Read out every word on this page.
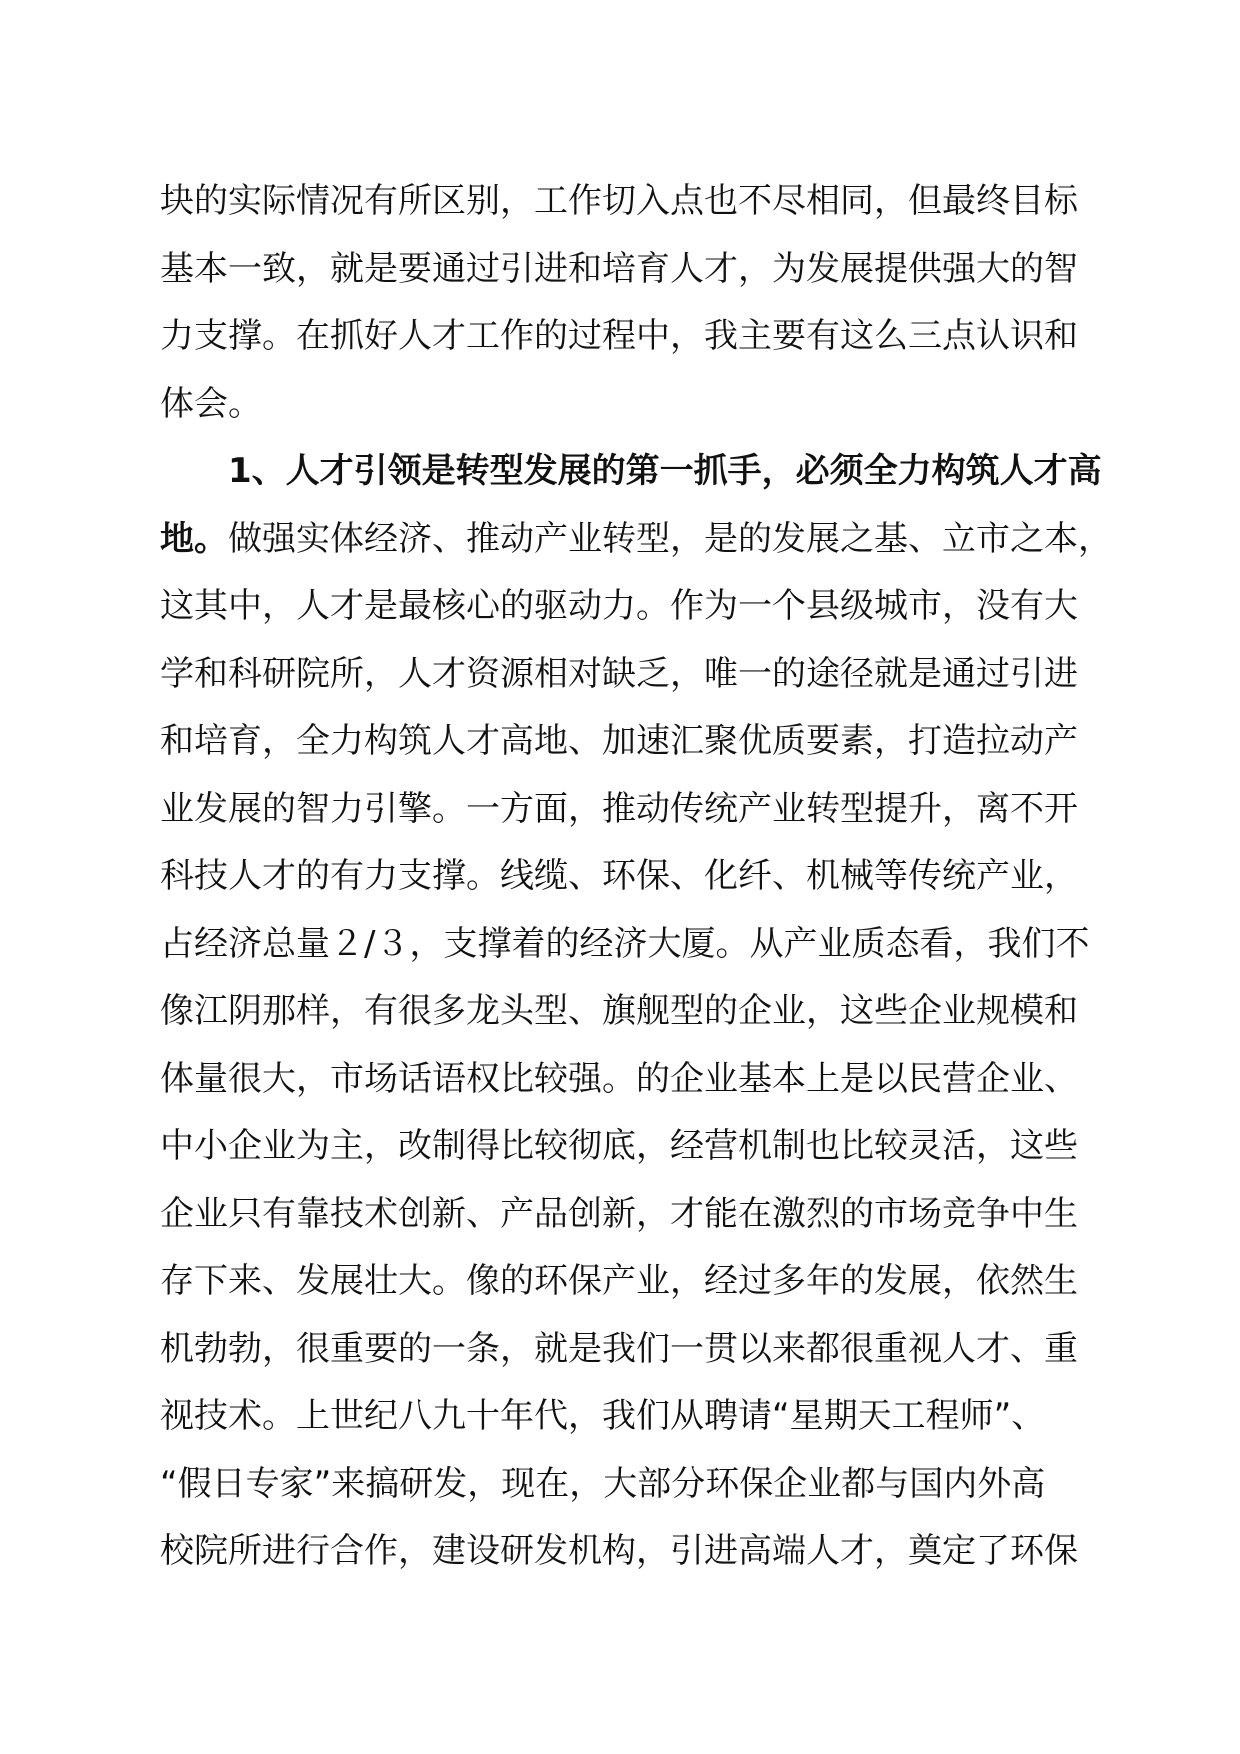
块的实际情况有所区别，工作切入点也不尽相同，但最终目标
基本一致，就是要通过引进和培育人才，为发展提供强大的智
力支撑。在抓好人才工作的过程中，我主要有这么三点认识和
体会。
1、人才引领是转型发展的第一抓手，必须全力构筑人才高
地。做强实体经济、推动产业转型，是的发展之基、立市之本，
这其中，人才是最核心的驱动力。作为一个县级城市，没有大
学和科研院所，人才资源相对缺乏，唯一的途径就是通过引进
和培育，全力构筑人才高地、加速汇聚优质要素，打造拉动产
业发展的智力引擎。一方面，推动传统产业转型提升，离不开
科技人才的有力支撑。线缆、环保、化纤、机械等传统产业，
占经济总量２/３，支撑着的经济大厦。从产业质态看，我们不
像江阴那样，有很多龙头型、旗舰型的企业，这些企业规模和
体量很大，市场话语权比较强。的企业基本上是以民营企业、
中小企业为主，改制得比较彻底，经营机制也比较灵活，这些
企业只有靠技术创新、产品创新，才能在激烈的市场竞争中生
存下来、发展壮大。像的环保产业，经过多年的发展，依然生
机勃勃，很重要的一条，就是我们一贯以来都很重视人才、重
视技术。上世纪八九十年代，我们从聘请“星期天工程师”、
“假日专家”来搞研发，现在，大部分环保企业都与国内外高
校院所进行合作，建设研发机构，引进高端人才，奠定了环保
